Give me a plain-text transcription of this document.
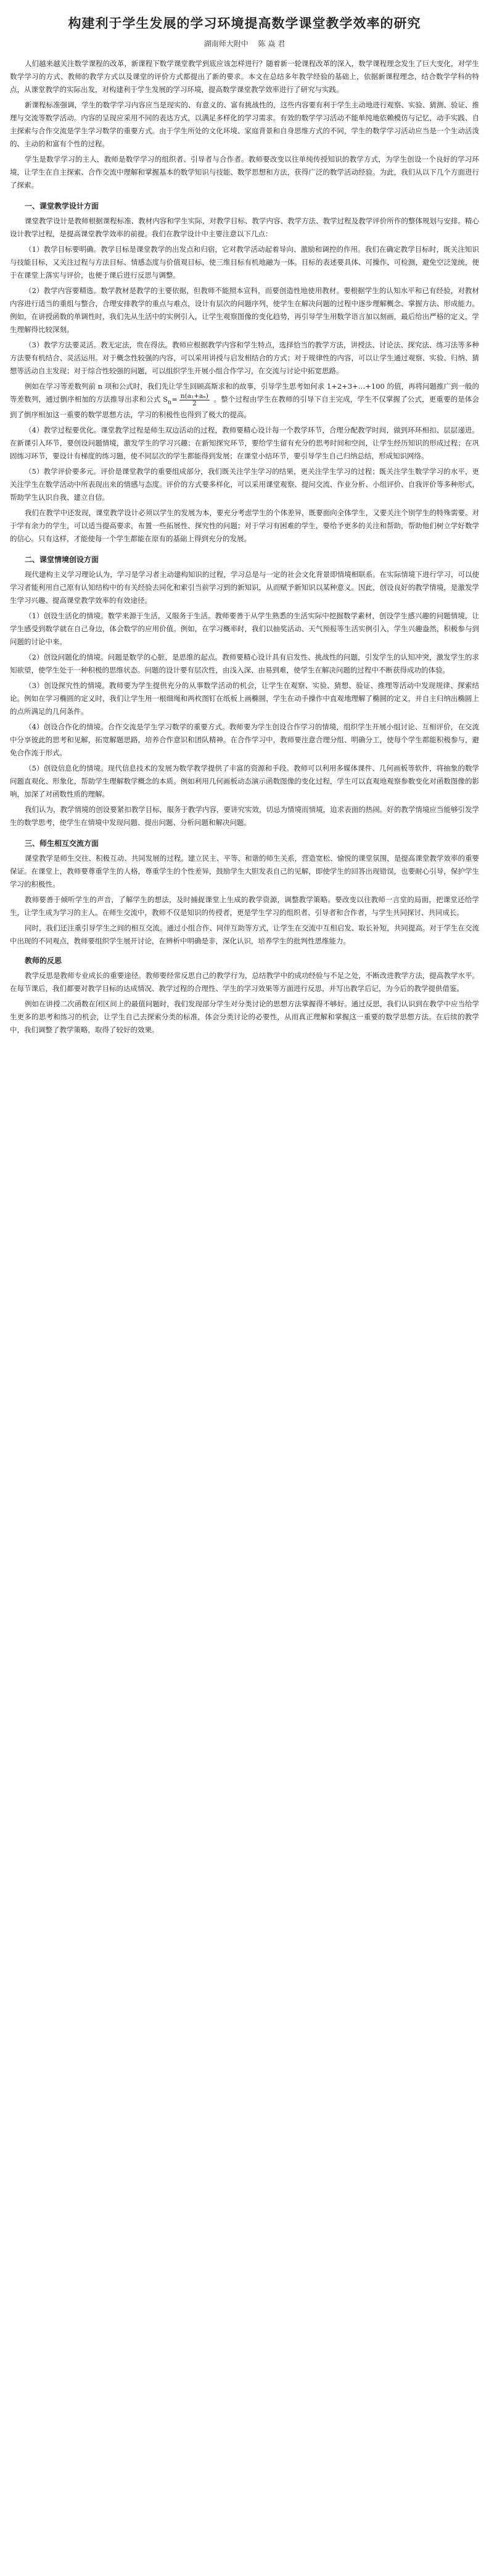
构建利于学生发展的学习环境提高数学课堂教学效率的研究
湖南师大附中 陈 焱 君

人们越来越关注数学课程的改革，新课程下数学课堂教学到底应该怎样进行？随着新一轮课程改革的深入，数学课程理念发生了巨大变化，对学生数学学习的方式、教师的教学方式以及课堂的评价方式都提出了新的要求。本文在总结多年教学经验的基础上，依据新课程理念，结合数学学科的特点，从课堂教学的实际出发，对构建利于学生发展的学习环境，提高数学课堂教学效率进行了研究与实践。

新课程标准强调，学生的数学学习内容应当是现实的、有意义的、富有挑战性的，这些内容要有利于学生主动地进行观察、实验、猜测、验证、推理与交流等数学活动。内容的呈现应采用不同的表达方式，以满足多样化的学习需求。有效的数学学习活动不能单纯地依赖模仿与记忆，动手实践、自主探索与合作交流是学生学习数学的重要方式。由于学生所处的文化环境、家庭背景和自身思维方式的不同，学生的数学学习活动应当是一个生动活泼的、主动的和富有个性的过程。

学生是数学学习的主人，教师是数学学习的组织者、引导者与合作者。教师要改变以往单纯传授知识的教学方式，为学生创设一个良好的学习环境，让学生在自主探索、合作交流中理解和掌握基本的数学知识与技能、数学思想和方法，获得广泛的数学活动经验。为此，我们从以下几个方面进行了探索。

一、课堂教学设计方面

课堂教学设计是教师根据课程标准、教材内容和学生实际，对教学目标、教学内容、教学方法、教学过程及教学评价所作的整体规划与安排。精心设计教学过程，是提高课堂教学效率的前提。我们在教学设计中主要注意以下几点：

（1）教学目标要明确。教学目标是课堂教学的出发点和归宿，它对教学活动起着导向、激励和调控的作用。我们在确定教学目标时，既关注知识与技能目标，又关注过程与方法目标、情感态度与价值观目标，使三维目标有机地融为一体。目标的表述要具体、可操作、可检测，避免空泛笼统，便于在课堂上落实与评价，也便于课后进行反思与调整。

（2）教学内容要精选。数学教材是教学的主要依据，但教师不能照本宣科，而要创造性地使用教材。要根据学生的认知水平和已有经验，对教材内容进行适当的重组与整合，合理安排教学的重点与难点，设计有层次的问题序列，使学生在解决问题的过程中逐步理解概念、掌握方法、形成能力。例如，在讲授函数的单调性时，我们先从生活中的实例引入，让学生观察图像的变化趋势，再引导学生用数学语言加以刻画，最后给出严格的定义，学生理解得比较深刻。

（3）教学方法要灵活。教无定法，贵在得法。教师应根据教学内容和学生特点，选择恰当的教学方法，讲授法、讨论法、探究法、练习法等多种方法要有机结合、灵活运用。对于概念性较强的内容，可以采用讲授与启发相结合的方式；对于规律性的内容，可以让学生通过观察、实验、归纳、猜想等活动自主发现；对于综合性较强的问题，可以组织学生开展小组合作学习，在交流与讨论中拓宽思路。

例如在学习等差数列前 n 项和公式时，我们先让学生回顾高斯求和的故事，引导学生思考如何求 1+2+3+…+100 的值，再将问题推广到一般的等差数列，通过倒序相加的方法推导出求和公式 $S_n= \frac{\text{n(a₁+aₙ)}}{2}$ 。整个过程由学生在教师的引导下自主完成，学生不仅掌握了公式，更重要的是体会到了倒序相加这一重要的数学思想方法，学习的积极性也得到了极大的提高。

（4）教学过程要优化。课堂教学过程是师生双边活动的过程，教师要精心设计每一个教学环节，合理分配教学时间，做到环环相扣、层层递进。在新课引入环节，要创设问题情境，激发学生的学习兴趣；在新知探究环节，要给学生留有充分的思考时间和空间，让学生经历知识的形成过程；在巩固练习环节，要设计有梯度的练习题，使不同层次的学生都能得到发展；在课堂小结环节，要引导学生自己归纳总结，形成知识网络。

（5）教学评价要多元。评价是课堂教学的重要组成部分，我们既关注学生学习的结果，更关注学生学习的过程；既关注学生数学学习的水平，更关注学生在数学活动中所表现出来的情感与态度。评价的方式要多样化，可以采用课堂观察、提问交流、作业分析、小组评价、自我评价等多种形式，帮助学生认识自我、建立自信。

我们在教学中还发现，课堂教学设计必须以学生的发展为本，要充分考虑学生的个体差异，既要面向全体学生，又要关注个别学生的特殊需要。对于学有余力的学生，可以适当提高要求，布置一些拓展性、探究性的问题；对于学习有困难的学生，要给予更多的关注和帮助，帮助他们树立学好数学的信心。只有这样，才能使每一个学生都能在原有的基础上得到充分的发展。

二、课堂情境创设方面

现代建构主义学习理论认为，学习是学习者主动建构知识的过程，学习总是与一定的社会文化背景即情境相联系。在实际情境下进行学习，可以使学习者能利用自己原有认知结构中的有关经验去同化和索引当前学习到的新知识，从而赋予新知识以某种意义。因此，创设良好的教学情境，是激发学生学习兴趣、提高课堂教学效率的有效途径。

（1）创设生活化的情境。数学来源于生活，又服务于生活。教师要善于从学生熟悉的生活实际中挖掘数学素材，创设学生感兴趣的问题情境，让学生感受到数学就在自己身边，体会数学的应用价值。例如，在学习概率时，我们以抽奖活动、天气预报等生活实例引入，学生兴趣盎然，积极参与到问题的讨论中来。

（2）创设问题化的情境。问题是数学的心脏，是思维的起点。教师要精心设计具有启发性、挑战性的问题，引发学生的认知冲突，激发学生的求知欲望，使学生处于一种积极的思维状态。问题的设计要有层次性，由浅入深、由易到难，使学生在解决问题的过程中不断获得成功的体验。

（3）创设探究性的情境。教师要为学生提供充分的从事数学活动的机会，让学生在观察、实验、猜想、验证、推理等活动中发现规律、探索结论。例如在学习椭圆的定义时，我们让学生用一根细绳和两枚图钉在纸板上画椭圆，学生在动手操作中直观地理解了椭圆的定义，并自主归纳出椭圆上的点所满足的几何条件。

（4）创设合作化的情境。合作交流是学生学习数学的重要方式。教师要为学生创设合作学习的情境，组织学生开展小组讨论、互相评价，在交流中分享彼此的思考和见解，拓宽解题思路，培养合作意识和团队精神。在合作学习中，教师要注意合理分组、明确分工，使每个学生都能积极参与，避免合作流于形式。

（5）创设信息化的情境。现代信息技术的发展为数学教学提供了丰富的资源和手段。教师可以利用多媒体课件、几何画板等软件，将抽象的数学问题直观化、形象化，帮助学生理解数学概念的本质。例如利用几何画板动态演示函数图像的变化过程，学生可以直观地观察参数变化对函数图像的影响，加深了对函数性质的理解。

我们认为，教学情境的创设要紧扣教学目标，服务于教学内容，要讲究实效，切忌为情境而情境，追求表面的热闹。好的教学情境应当能够引发学生的数学思考，使学生在情境中发现问题、提出问题、分析问题和解决问题。

三、师生相互交流方面

课堂教学是师生交往、积极互动、共同发展的过程。建立民主、平等、和谐的师生关系，营造宽松、愉悦的课堂氛围，是提高课堂教学效率的重要保证。在课堂上，教师要尊重学生的人格，尊重学生的个性差异，鼓励学生大胆发表自己的见解，即使学生的回答出现错误，也要耐心引导，保护学生学习的积极性。

教师要善于倾听学生的声音，了解学生的想法，及时捕捉课堂上生成的教学资源，调整教学策略。要改变以往教师一言堂的局面，把课堂还给学生，让学生成为学习的主人。在师生交流中，教师不仅是知识的传授者，更是学生学习的组织者、引导者和合作者，与学生共同探讨、共同成长。

同时，我们还注重引导学生之间的相互交流。通过小组合作、同伴互助等方式，让学生在交流中互相启发、取长补短，共同提高。对于学生在交流中出现的不同观点，教师要组织学生展开讨论，在辨析中明确是非，深化认识，培养学生的批判性思维能力。

教师的反思

教学反思是教师专业成长的重要途径。教师要经常反思自己的教学行为，总结教学中的成功经验与不足之处，不断改进教学方法，提高教学水平。在每节课后，我们都要对教学目标的达成情况、教学过程的合理性、学生的学习效果等方面进行反思，并写出教学后记，为今后的教学提供借鉴。

例如在讲授二次函数在闭区间上的最值问题时，我们发现部分学生对分类讨论的思想方法掌握得不够好。通过反思，我们认识到在教学中应当给学生更多的思考和练习的机会，让学生自己去探索分类的标准，体会分类讨论的必要性，从而真正理解和掌握这一重要的数学思想方法。在后续的教学中，我们调整了教学策略，取得了较好的效果。
